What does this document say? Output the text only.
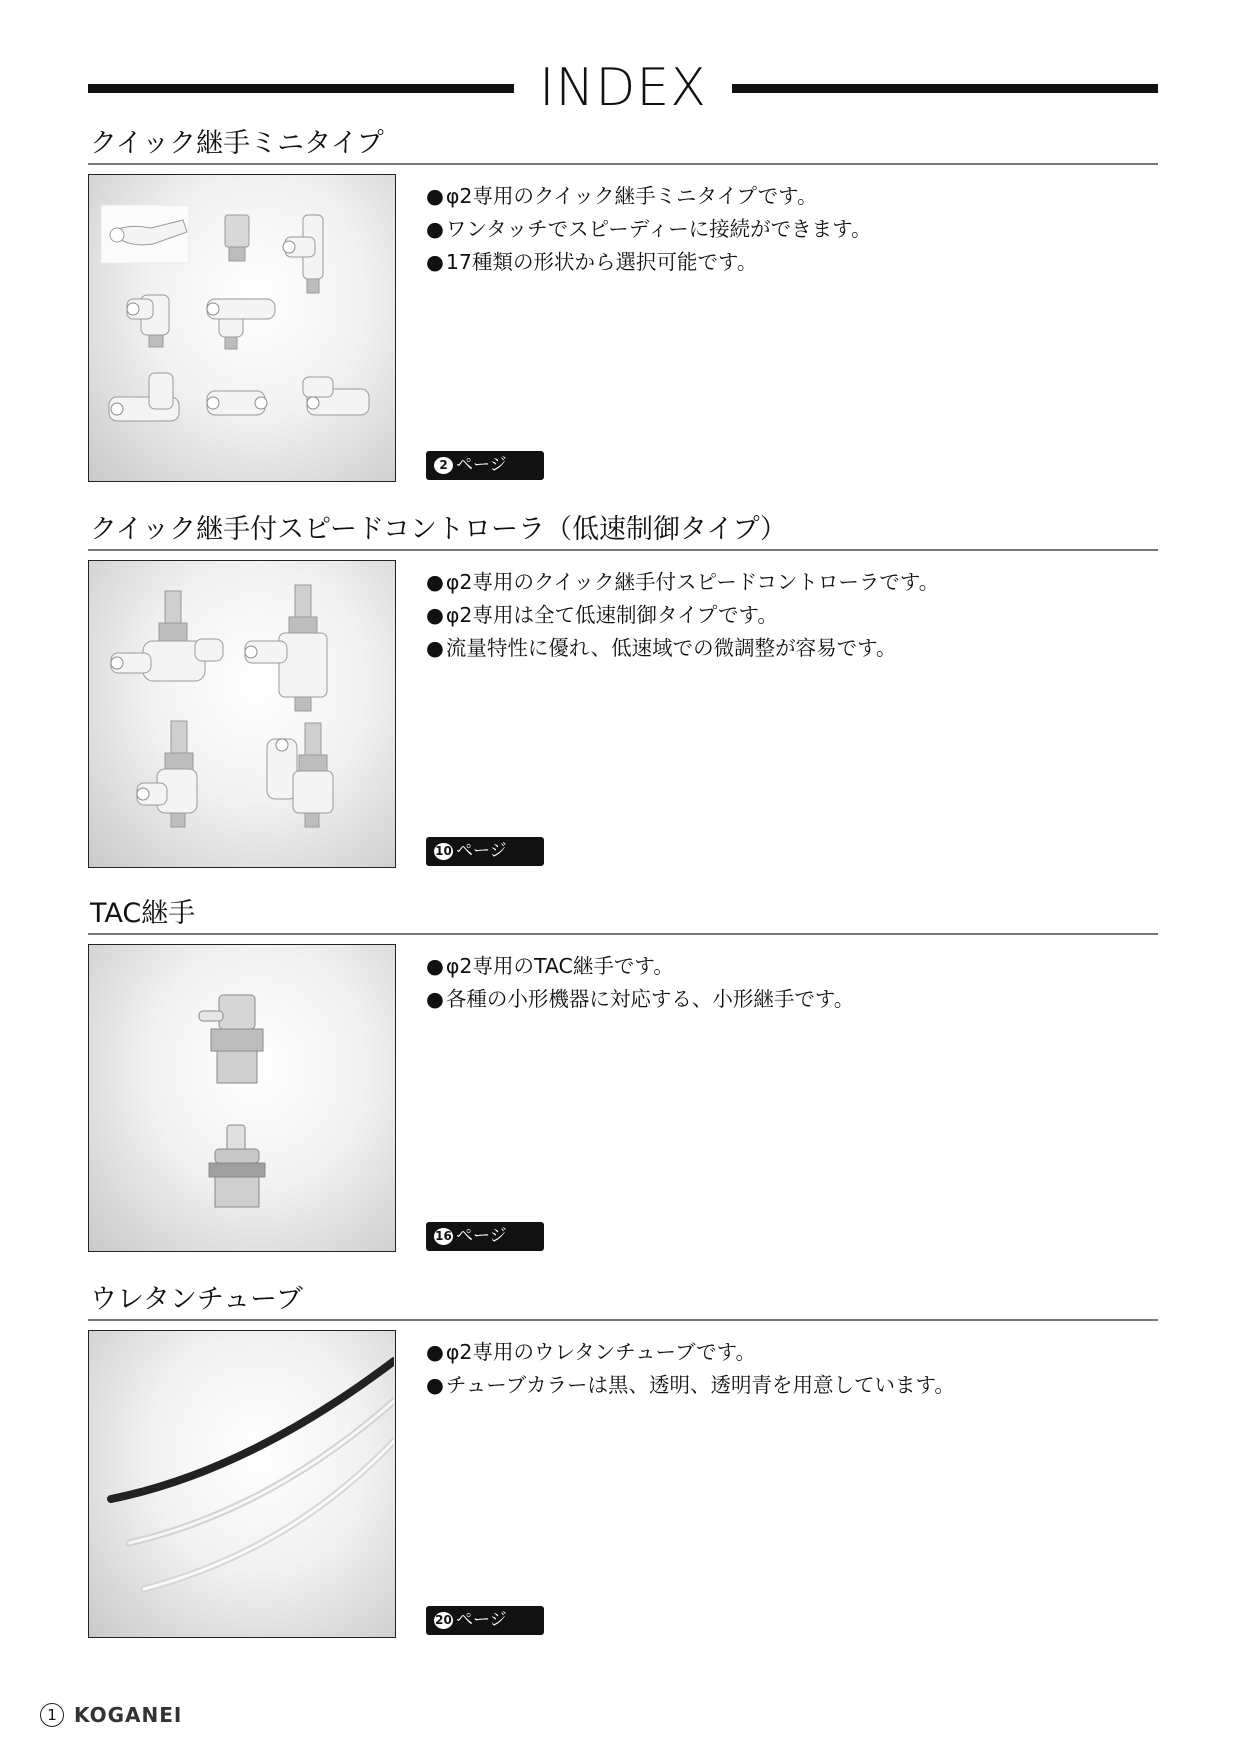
INDEX
クイック継手ミニタイプ
● φ2専用のクイック継手ミニタイプです。
● ワンタッチでスピーディーに接続ができます。
● 17種類の形状から選択可能です。
2 ページ
クイック継手付スピードコントローラ（低速制御タイプ）
● φ2専用のクイック継手付スピードコントローラです。
● φ2専用は全て低速制御タイプです。
● 流量特性に優れ、低速域での微調整が容易です。
10 ページ
TAC継手
● φ2専用のTAC継手です。
● 各種の小形機器に対応する、小形継手です。
16 ページ
ウレタンチューブ
● φ2専用のウレタンチューブです。
● チューブカラーは黒、透明、透明青を用意しています。
20 ページ
1 KOGANEI
